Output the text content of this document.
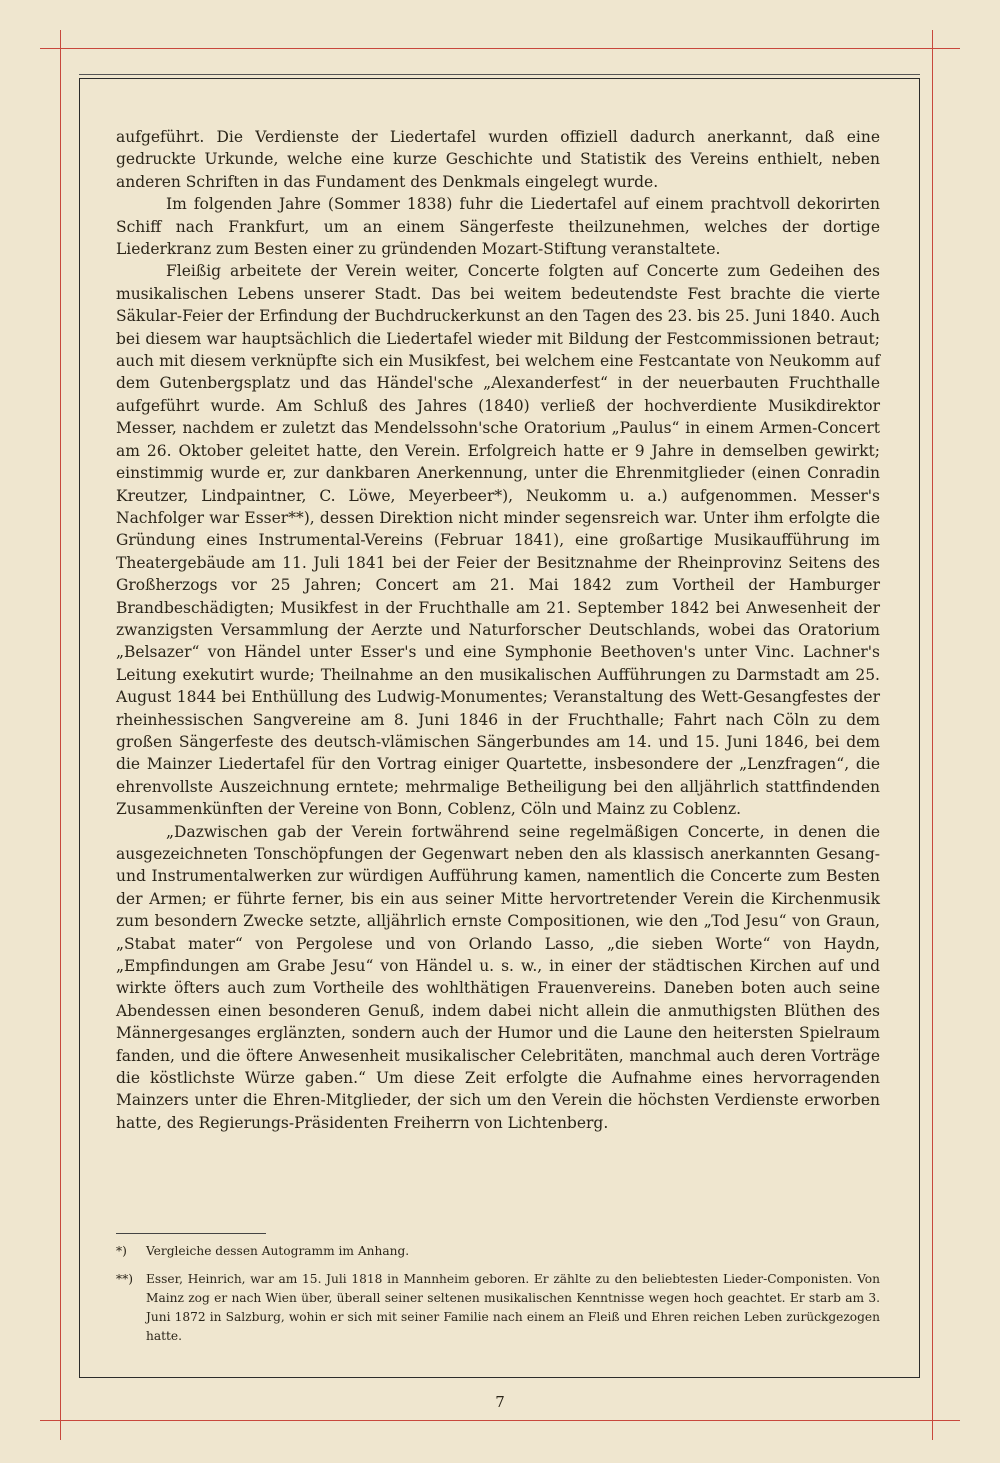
aufgeführt. Die Verdienste der Liedertafel wurden offiziell dadurch anerkannt, daß eine gedruckte Urkunde, welche eine kurze Geschichte und Statistik des Vereins enthielt, neben anderen Schriften in das Fundament des Denkmals eingelegt wurde.

Im folgenden Jahre (Sommer 1838) fuhr die Liedertafel auf einem prachtvoll dekorirten Schiff nach Frankfurt, um an einem Sängerfeste theilzunehmen, welches der dortige Liederkranz zum Besten einer zu gründenden Mozart-Stiftung veranstaltete.

Fleißig arbeitete der Verein weiter, Concerte folgten auf Concerte zum Gedeihen des musikalischen Lebens unserer Stadt. Das bei weitem bedeutendste Fest brachte die vierte Säkular-Feier der Erfindung der Buchdruckerkunst an den Tagen des 23. bis 25. Juni 1840. Auch bei diesem war hauptsächlich die Liedertafel wieder mit Bildung der Festcommissionen betraut; auch mit diesem verknüpfte sich ein Musikfest, bei welchem eine Festcantate von Neukomm auf dem Gutenbergsplatz und das Händel'sche „Alexanderfest“ in der neuerbauten Fruchthalle aufgeführt wurde. Am Schluß des Jahres (1840) verließ der hochverdiente Musikdirektor Messer, nachdem er zuletzt das Mendelssohn'sche Oratorium „Paulus“ in einem Armen-Concert am 26. Oktober geleitet hatte, den Verein. Erfolgreich hatte er 9 Jahre in demselben gewirkt; einstimmig wurde er, zur dankbaren Anerkennung, unter die Ehrenmitglieder (einen Conradin Kreutzer, Lindpaintner, C. Löwe, Meyerbeer*), Neukomm u. a.) aufgenommen. Messer's Nachfolger war Esser**), dessen Direktion nicht minder segensreich war. Unter ihm erfolgte die Gründung eines Instrumental-Vereins (Februar 1841), eine großartige Musikaufführung im Theatergebäude am 11. Juli 1841 bei der Feier der Besitznahme der Rheinprovinz Seitens des Großherzogs vor 25 Jahren; Concert am 21. Mai 1842 zum Vortheil der Hamburger Brandbeschädigten; Musikfest in der Fruchthalle am 21. September 1842 bei Anwesenheit der zwanzigsten Versammlung der Aerzte und Naturforscher Deutschlands, wobei das Oratorium „Belsazer“ von Händel unter Esser's und eine Symphonie Beethoven's unter Vinc. Lachner's Leitung exekutirt wurde; Theilnahme an den musikalischen Aufführungen zu Darmstadt am 25. August 1844 bei Enthüllung des Ludwig-Monumentes; Veranstaltung des Wett-Gesangfestes der rheinhessischen Sangvereine am 8. Juni 1846 in der Fruchthalle; Fahrt nach Cöln zu dem großen Sängerfeste des deutsch-vlämischen Sängerbundes am 14. und 15. Juni 1846, bei dem die Mainzer Liedertafel für den Vortrag einiger Quartette, insbesondere der „Lenzfragen“, die ehrenvollste Auszeichnung erntete; mehrmalige Betheiligung bei den alljährlich stattfindenden Zusammenkünften der Vereine von Bonn, Coblenz, Cöln und Mainz zu Coblenz.

„Dazwischen gab der Verein fortwährend seine regelmäßigen Concerte, in denen die ausgezeichneten Tonschöpfungen der Gegenwart neben den als klassisch anerkannten Gesang- und Instrumentalwerken zur würdigen Aufführung kamen, namentlich die Concerte zum Besten der Armen; er führte ferner, bis ein aus seiner Mitte hervortretender Verein die Kirchenmusik zum besondern Zwecke setzte, alljährlich ernste Compositionen, wie den „Tod Jesu“ von Graun, „Stabat mater“ von Pergolese und von Orlando Lasso, „die sieben Worte“ von Haydn, „Empfindungen am Grabe Jesu“ von Händel u. s. w., in einer der städtischen Kirchen auf und wirkte öfters auch zum Vortheile des wohlthätigen Frauenvereins. Daneben boten auch seine Abendessen einen besonderen Genuß, indem dabei nicht allein die anmuthigsten Blüthen des Männergesanges erglänzten, sondern auch der Humor und die Laune den heitersten Spielraum fanden, und die öftere Anwesenheit musikalischer Celebritäten, manchmal auch deren Vorträge die köstlichste Würze gaben.“ Um diese Zeit erfolgte die Aufnahme eines hervorragenden Mainzers unter die Ehren-Mitglieder, der sich um den Verein die höchsten Verdienste erworben hatte, des Regierungs-Präsidenten Freiherrn von Lichtenberg.

*)	Vergleiche dessen Autogramm im Anhang.
**)	Esser, Heinrich, war am 15. Juli 1818 in Mannheim geboren. Er zählte zu den beliebtesten Lieder-Componisten. Von Mainz zog er nach Wien über, überall seiner seltenen musikalischen Kenntnisse wegen hoch geachtet. Er starb am 3. Juni 1872 in Salzburg, wohin er sich mit seiner Familie nach einem an Fleiß und Ehren reichen Leben zurückgezogen hatte.
7
